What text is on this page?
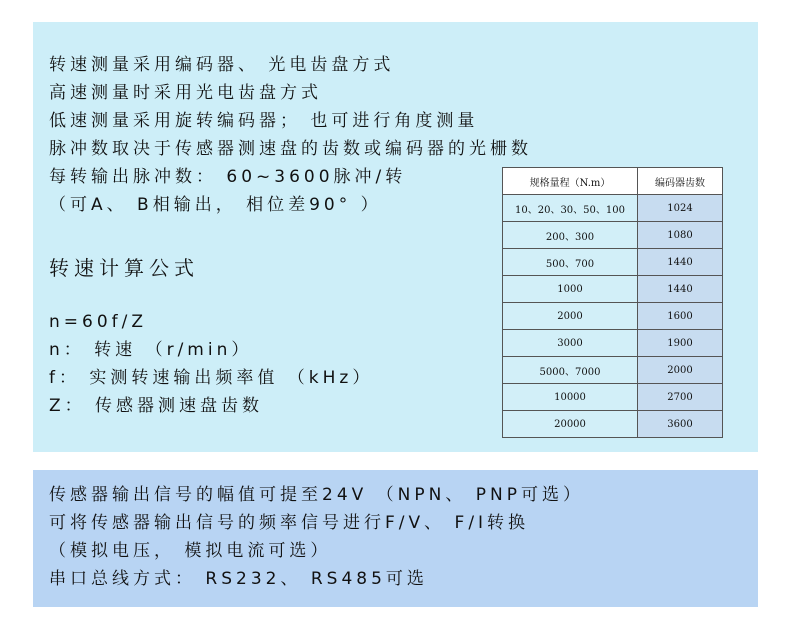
转速测量采用编码器、 光电齿盘方式
高速测量时采用光电齿盘方式
低速测量采用旋转编码器； 也可进行角度测量
脉冲数取决于传感器测速盘的齿数或编码器的光栅数
每转输出脉冲数： 60~3600脉冲/转
（可A、 B相输出， 相位差90° ）
转速计算公式
n=60f/Z
n： 转速 （r/min）
f： 实测转速输出频率值 （kHz）
Z： 传感器测速盘齿数
规格量程（N.m）	编码器齿数
10、20、30、50、100	1024
200、300	1080
500、700	1440
1000	1440
2000	1600
3000	1900
5000、7000	2000
10000	2700
20000	3600
传感器输出信号的幅值可提至24V （NPN、 PNP可选）
可将传感器输出信号的频率信号进行F/V、 F/I转换
（模拟电压， 模拟电流可选）
串口总线方式： RS232、 RS485可选
